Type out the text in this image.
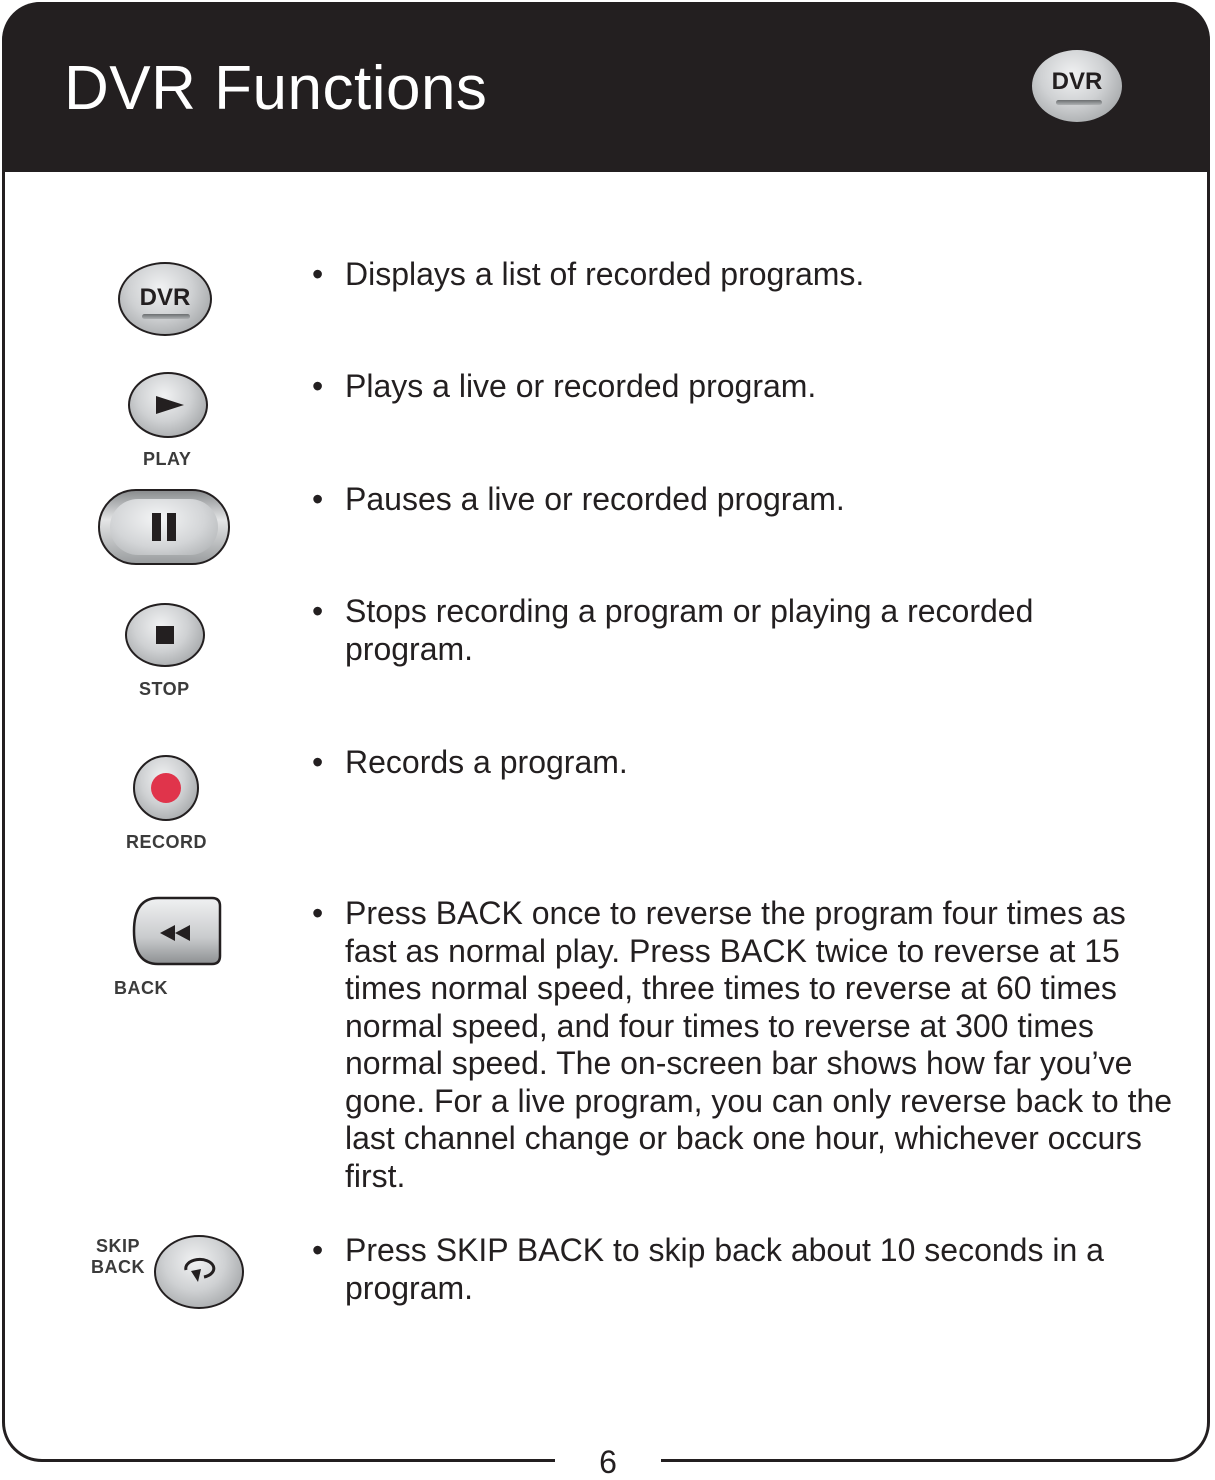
DVR Functions	DVR
DVR
• Displays a list of recorded programs.
PLAY
• Plays a live or recorded program.
• Pauses a live or recorded program.
STOP
• Stops recording a program or playing a recorded program.
RECORD
• Records a program.
BACK
• Press BACK once to reverse the program four times as fast as normal play. Press BACK twice to reverse at 15 times normal speed, three times to reverse at 60 times normal speed, and four times to reverse at 300 times normal speed. The on-screen bar shows how far you’ve gone. For a live program, you can only reverse back to the last channel change or back one hour, whichever occurs first.
SKIP
BACK	• Press SKIP BACK to skip back about 10 seconds in a program.
6
